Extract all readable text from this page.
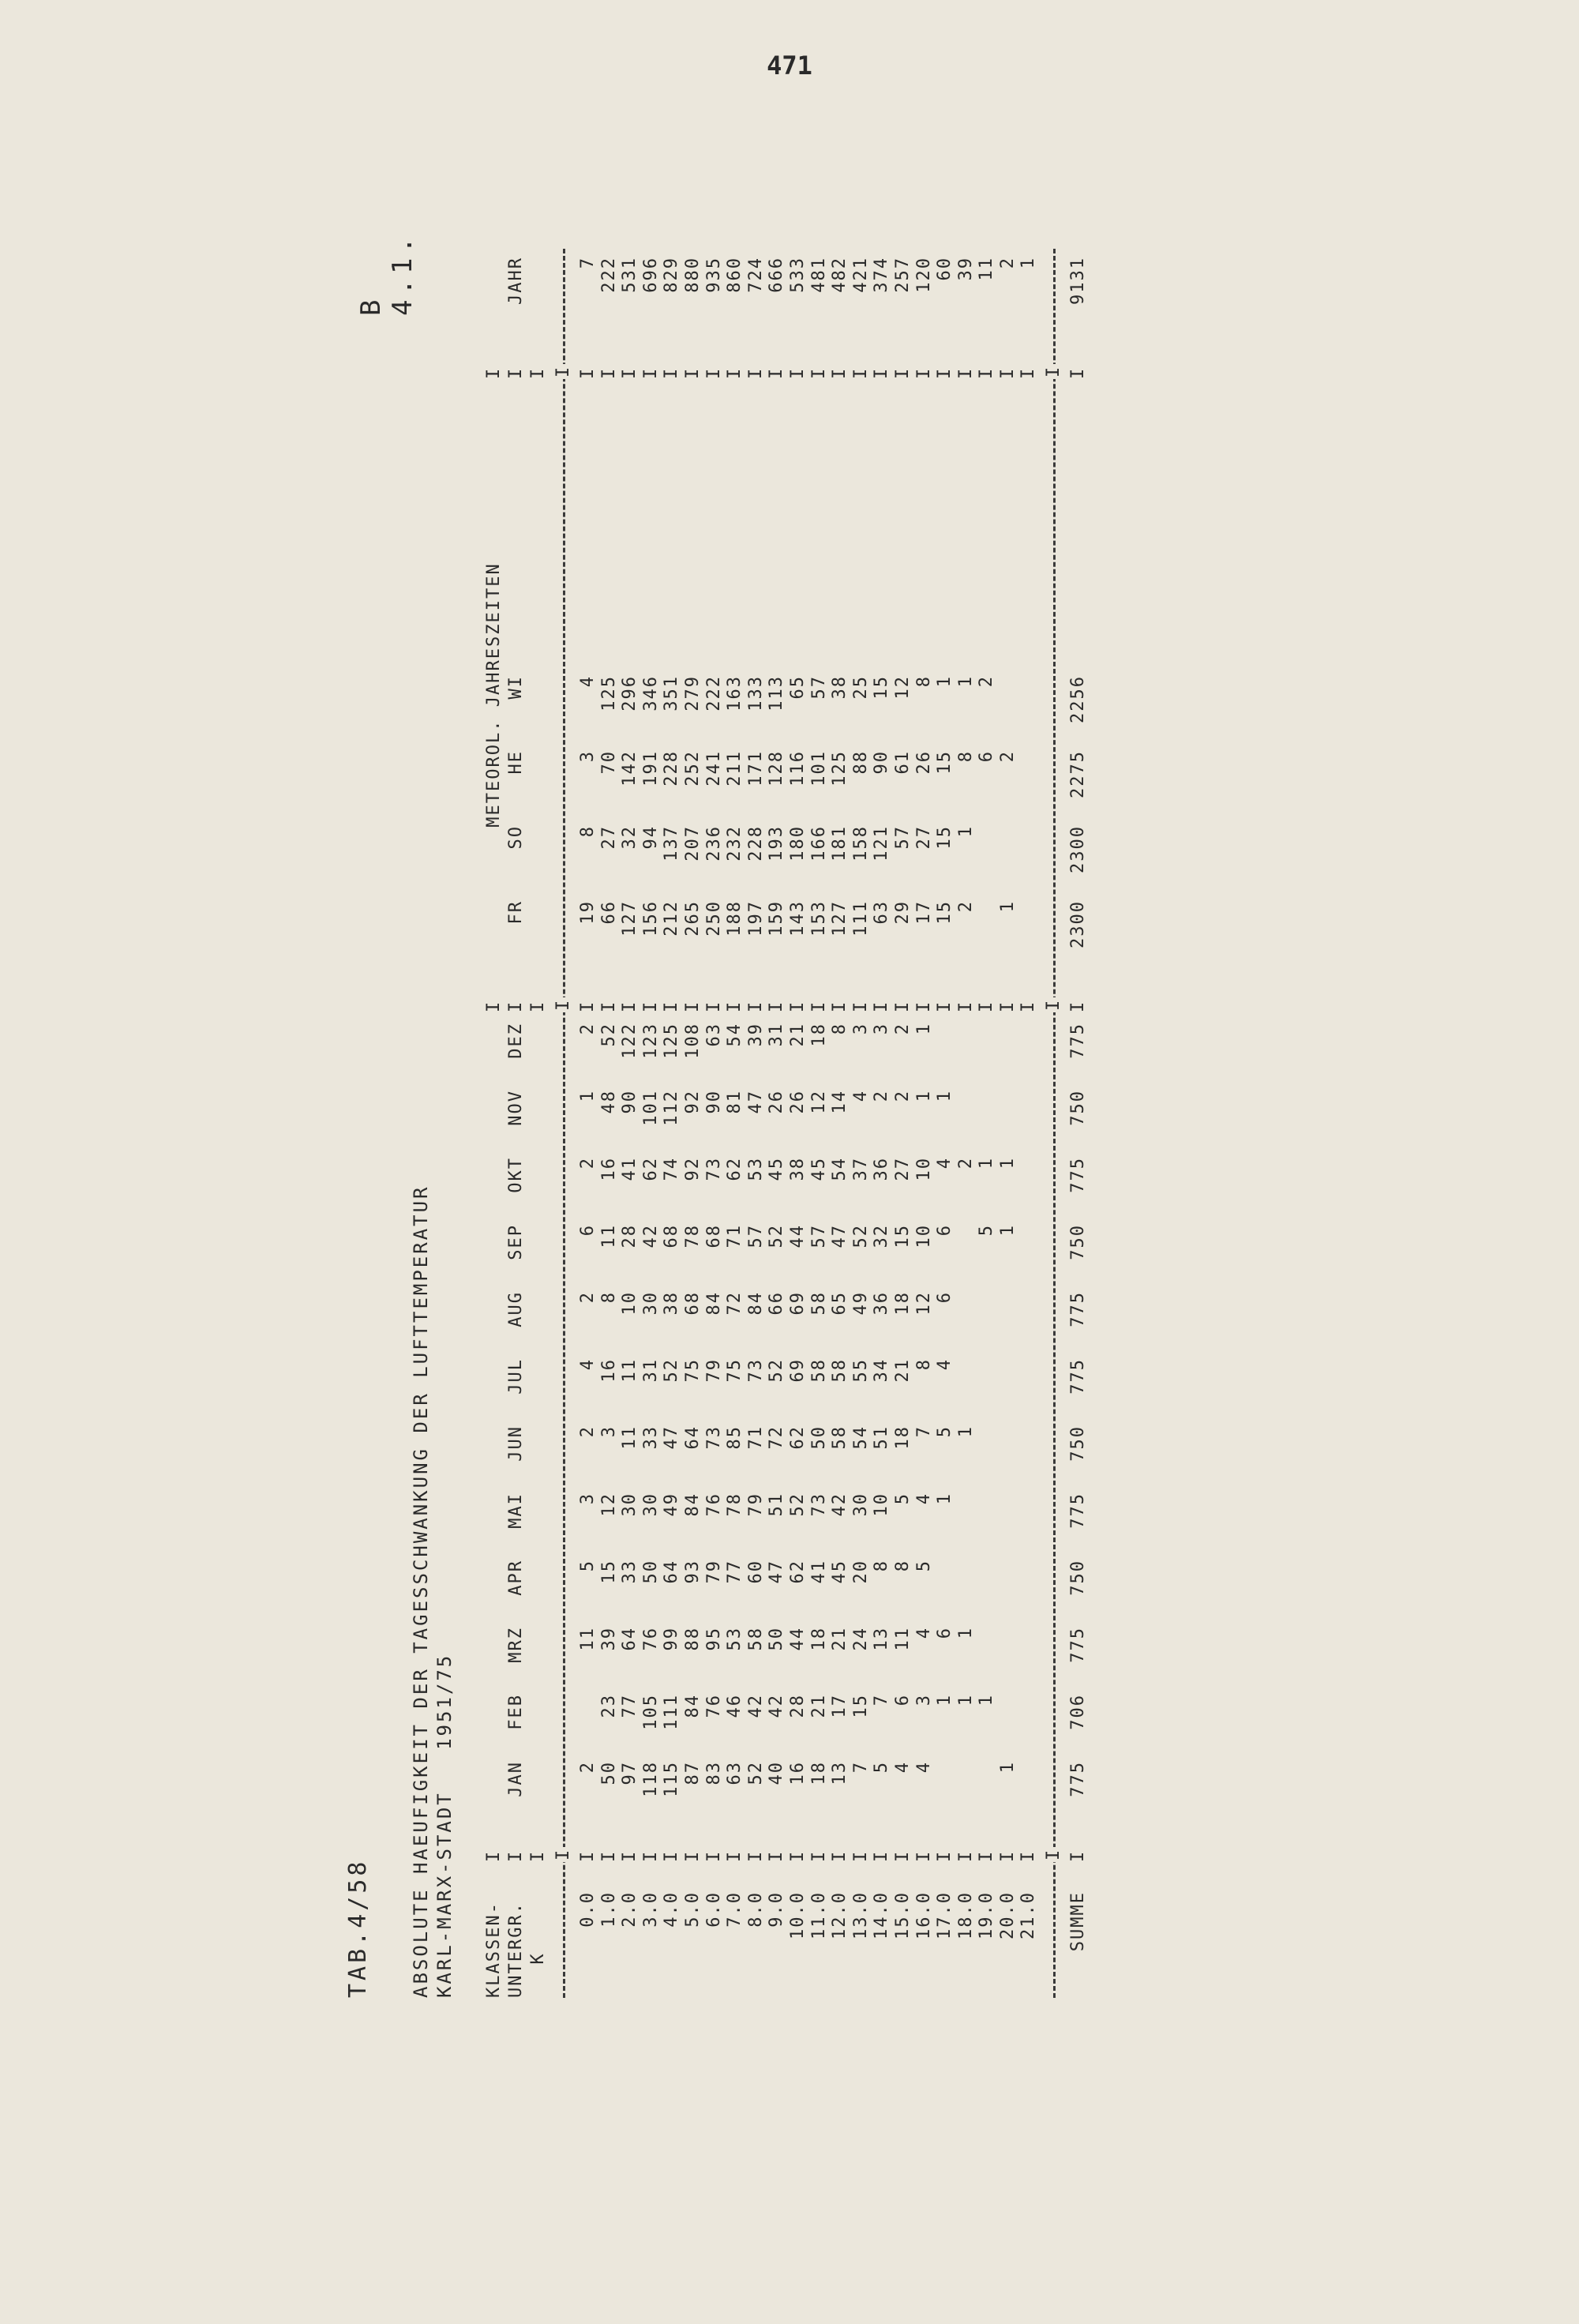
471
TAB.4/58
B 4.1.
ABSOLUTE HAEUFIGKEIT DER TAGESSCHWANKUNG DER LUFTTEMPERATUR KARL-MARX-STADT   1951/75 KLASSEN-
I
I
METEOROL. JAHRESZEITEN
I
UNTERGR.
I
I
I
JAHR
JAN
FEB
MRZ
APR
MAI
JUN
JUL
AUG
SEP
OKT
NOV
DEZ
FR
SO
HE
WI
K
I
I
I
I
I
I
0.0
I
2
11
5
3
2
4
2
6
2
1
2
I
19
8
3
4
I
7
1.0
I
50
23
39
15
12
3
16
8
11
16
48
52
I
66
27
70
125
I
222
2.0
I
97
77
64
33
30
11
11
10
28
41
90
122
I
127
32
142
296
I
531
3.0
I
118
105
76
50
30
33
31
30
42
62
101
123
I
156
94
191
346
I
696
4.0
I
115
111
99
64
49
47
52
38
68
74
112
125
I
212
137
228
351
I
829
5.0
I
87
84
88
93
84
64
75
68
78
92
92
108
I
265
207
252
279
I
880
6.0
I
83
76
95
79
76
73
79
84
68
73
90
63
I
250
236
241
222
I
935
7.0
I
63
46
53
77
78
85
75
72
71
62
81
54
I
188
232
211
163
I
860
8.0
I
52
42
58
60
79
71
73
84
57
53
47
39
I
197
228
171
133
I
724
9.0
I
40
42
50
47
51
72
52
66
52
45
26
31
I
159
193
128
113
I
666
10.0
I
16
28
44
62
52
62
69
69
44
38
26
21
I
143
180
116
65
I
533
11.0
I
18
21
18
41
73
50
58
58
57
45
12
18
I
153
166
101
57
I
481
12.0
I
13
17
21
45
42
58
58
65
47
54
14
8
I
127
181
125
38
I
482
13.0
I
7
15
24
20
30
54
55
49
52
37
4
3
I
111
158
88
25
I
421
14.0
I
5
7
13
8
10
51
34
36
32
36
2
3
I
63
121
90
15
I
374
15.0
I
4
6
11
8
5
18
21
18
15
27
2
2
I
29
57
61
12
I
257
16.0
I
4
3
4
5
4
7
8
12
10
10
1
1
I
17
27
26
8
I
120
17.0
I
1
6
1
5
4
6
6
4
1
I
15
15
15
1
I
60
18.0
I
1
1
1
2
I
2
1
8
1
I
39
19.0
I
1
5
1
I
6
2
I
11
20.0
I
1
1
1
I
1
2
I
2
21.0
I
I
I
1
I
I
I
SUMME
I
I
I
9131
775
706
775
750
775
750
775
775
750
775
750
775
2300
2300
2275
2256
